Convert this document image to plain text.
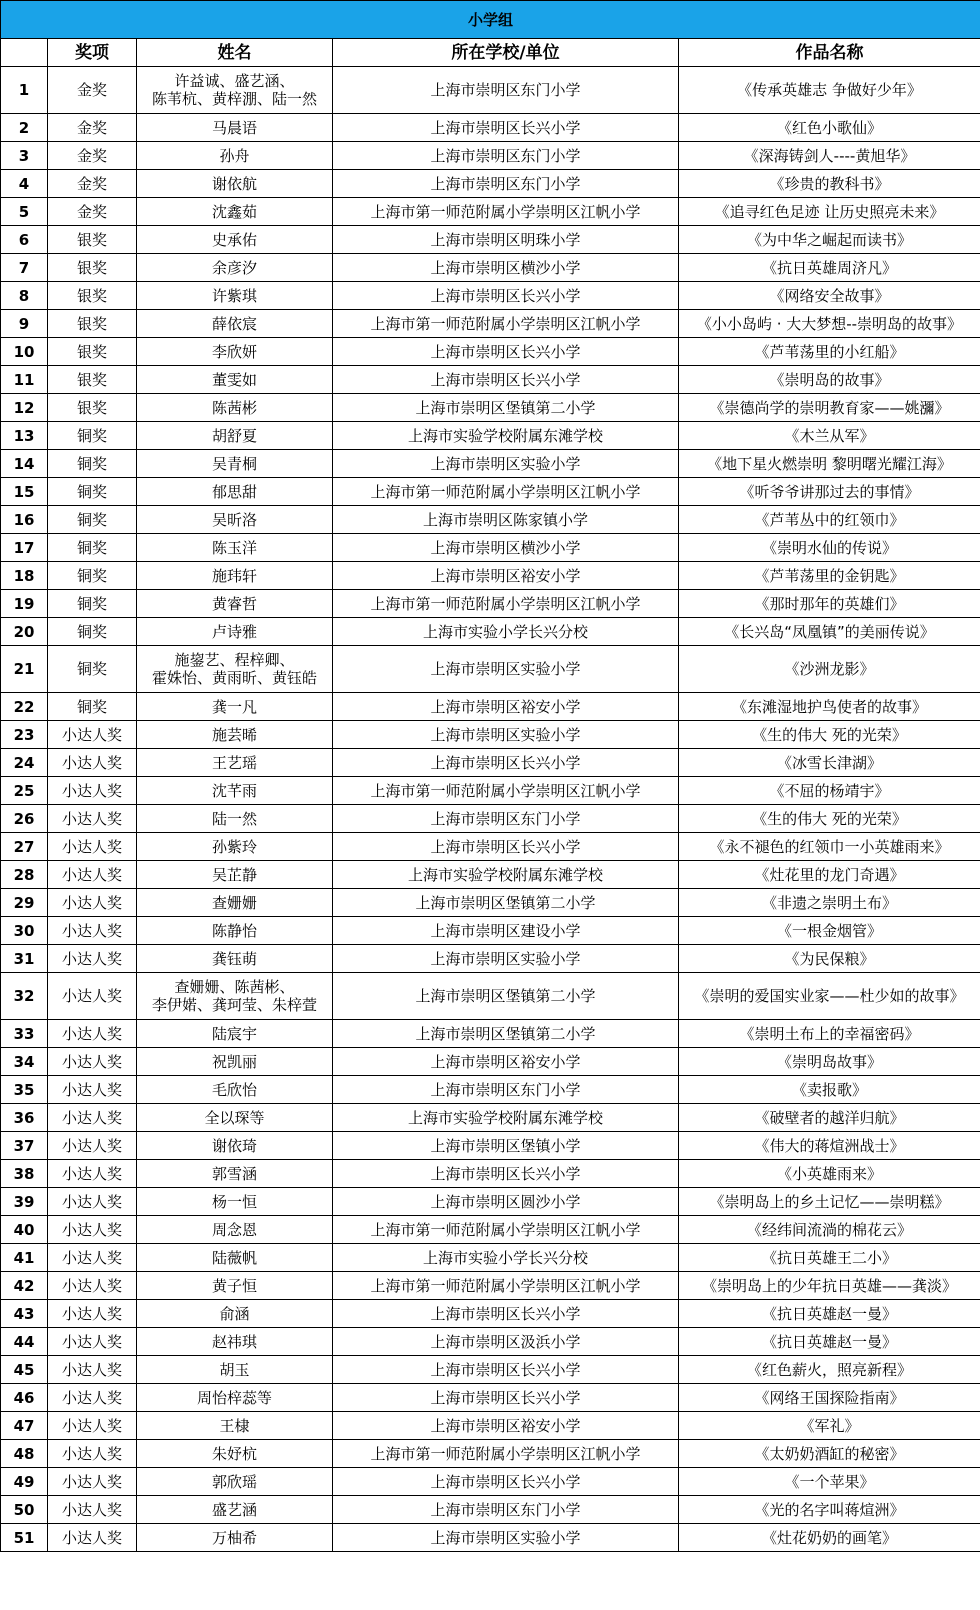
小学组				
	奖项	姓名	所在学校/单位	作品名称
1	金奖	许益诚、盛艺涵、
陈苇杭、黄梓淜、陆一然	上海市崇明区东门小学	《传承英雄志 争做好少年》
2	金奖	马晨语	上海市崇明区长兴小学	《红色小歌仙》
3	金奖	孙舟	上海市崇明区东门小学	《深海铸剑人----黄旭华》
4	金奖	谢依航	上海市崇明区东门小学	《珍贵的教科书》
5	金奖	沈鑫茹	上海市第一师范附属小学崇明区江帆小学	《追寻红色足迹 让历史照亮未来》
6	银奖	史承佑	上海市崇明区明珠小学	《为中华之崛起而读书》
7	银奖	余彦汐	上海市崇明区横沙小学	《抗日英雄周济凡》
8	银奖	许紫琪	上海市崇明区长兴小学	《网络安全故事》
9	银奖	薛依宸	上海市第一师范附属小学崇明区江帆小学	《小小岛屿 · 大大梦想--崇明岛的故事》
10	银奖	李欣妍	上海市崇明区长兴小学	《芦苇荡里的小红船》
11	银奖	董雯如	上海市崇明区长兴小学	《崇明岛的故事》
12	银奖	陈茜彬	上海市崇明区堡镇第二小学	《崇德尚学的崇明教育家——姚瀰》
13	铜奖	胡舒夏	上海市实验学校附属东滩学校	《木兰从军》
14	铜奖	吴青桐	上海市崇明区实验小学	《地下星火燃崇明 黎明曙光耀江海》
15	铜奖	郁思甜	上海市第一师范附属小学崇明区江帆小学	《听爷爷讲那过去的事情》
16	铜奖	吴昕洛	上海市崇明区陈家镇小学	《芦苇丛中的红领巾》
17	铜奖	陈玉洋	上海市崇明区横沙小学	《崇明水仙的传说》
18	铜奖	施玮轩	上海市崇明区裕安小学	《芦苇荡里的金钥匙》
19	铜奖	黄睿哲	上海市第一师范附属小学崇明区江帆小学	《那时那年的英雄们》
20	铜奖	卢诗雅	上海市实验小学长兴分校	《长兴岛“凤凰镇”的美丽传说》
21	铜奖	施鋆艺、程梓卿、
霍姝怡、黄雨昕、黄钰皓	上海市崇明区实验小学	《沙洲龙影》
22	铜奖	龚一凡	上海市崇明区裕安小学	《东滩湿地护鸟使者的故事》
23	小达人奖	施芸晞	上海市崇明区实验小学	《生的伟大 死的光荣》
24	小达人奖	王艺瑶	上海市崇明区长兴小学	《冰雪长津湖》
25	小达人奖	沈芊雨	上海市第一师范附属小学崇明区江帆小学	《不屈的杨靖宇》
26	小达人奖	陆一然	上海市崇明区东门小学	《生的伟大 死的光荣》
27	小达人奖	孙紫玲	上海市崇明区长兴小学	《永不褪色的红领巾一小英雄雨来》
28	小达人奖	吴芷静	上海市实验学校附属东滩学校	《灶花里的龙门奇遇》
29	小达人奖	查姗姗	上海市崇明区堡镇第二小学	《非遗之崇明土布》
30	小达人奖	陈静怡	上海市崇明区建设小学	《一根金烟管》
31	小达人奖	龚钰萌	上海市崇明区实验小学	《为民保粮》
32	小达人奖	查姗姗、陈茜彬、
李伊婼、龚珂莹、朱梓萱	上海市崇明区堡镇第二小学	《崇明的爱国实业家——杜少如的故事》
33	小达人奖	陆宸宇	上海市崇明区堡镇第二小学	《崇明土布上的幸福密码》
34	小达人奖	祝凯丽	上海市崇明区裕安小学	《崇明岛故事》
35	小达人奖	毛欣怡	上海市崇明区东门小学	《卖报歌》
36	小达人奖	全以琛等	上海市实验学校附属东滩学校	《破壁者的越洋归航》
37	小达人奖	谢依琦	上海市崇明区堡镇小学	《伟大的蒋煊洲战士》
38	小达人奖	郭雪涵	上海市崇明区长兴小学	《小英雄雨来》
39	小达人奖	杨一恒	上海市崇明区圆沙小学	《崇明岛上的乡土记忆——崇明糕》
40	小达人奖	周念恩	上海市第一师范附属小学崇明区江帆小学	《经纬间流淌的棉花云》
41	小达人奖	陆薇帆	上海市实验小学长兴分校	《抗日英雄王二小》
42	小达人奖	黄子恒	上海市第一师范附属小学崇明区江帆小学	《崇明岛上的少年抗日英雄——龚淡》
43	小达人奖	俞涵	上海市崇明区长兴小学	《抗日英雄赵一曼》
44	小达人奖	赵祎琪	上海市崇明区汲浜小学	《抗日英雄赵一曼》
45	小达人奖	胡玉	上海市崇明区长兴小学	《红色薪火，照亮新程》
46	小达人奖	周怡梓蕊等	上海市崇明区长兴小学	《网络王国探险指南》
47	小达人奖	王棣	上海市崇明区裕安小学	《军礼》
48	小达人奖	朱妤杭	上海市第一师范附属小学崇明区江帆小学	《太奶奶酒缸的秘密》
49	小达人奖	郭欣瑶	上海市崇明区长兴小学	《一个苹果》
50	小达人奖	盛艺涵	上海市崇明区东门小学	《光的名字叫蒋煊洲》
51	小达人奖	万柚希	上海市崇明区实验小学	《灶花奶奶的画笔》
